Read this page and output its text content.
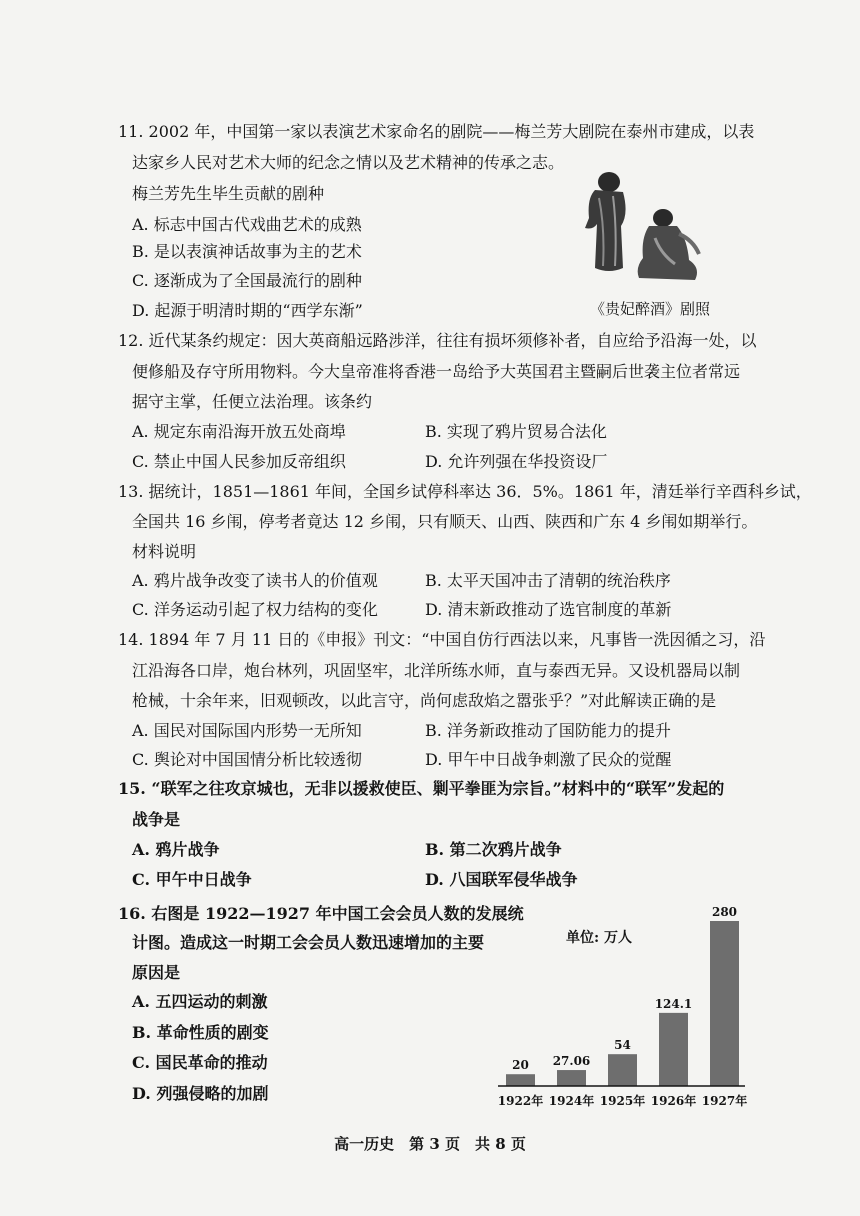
11. 2002 年，中国第一家以表演艺术家命名的剧院——梅兰芳大剧院在泰州市建成，以表
达家乡人民对艺术大师的纪念之情以及艺术精神的传承之志。
梅兰芳先生毕生贡献的剧种
A. 标志中国古代戏曲艺术的成熟
B. 是以表演神话故事为主的艺术
C. 逐渐成为了全国最流行的剧种
D. 起源于明清时期的“西学东渐”	《贵妃醉酒》剧照
12. 近代某条约规定：因大英商船远路涉洋，往往有损坏须修补者，自应给予沿海一处，以
便修船及存守所用物料。今大皇帝准将香港一岛给予大英国君主暨嗣后世袭主位者常远
据守主掌，任便立法治理。该条约
A. 规定东南沿海开放五处商埠	B. 实现了鸦片贸易合法化
C. 禁止中国人民参加反帝组织	D. 允许列强在华投资设厂
13. 据统计，1851—1861 年间，全国乡试停科率达 36．5%。1861 年，清廷举行辛酉科乡试，
全国共 16 乡闱，停考者竟达 12 乡闱，只有顺天、山西、陕西和广东 4 乡闱如期举行。
材料说明
A. 鸦片战争改变了读书人的价值观	B. 太平天国冲击了清朝的统治秩序
C. 洋务运动引起了权力结构的变化	D. 清末新政推动了选官制度的革新
14. 1894 年 7 月 11 日的《申报》刊文：“中国自仿行西法以来，凡事皆一洗因循之习，沿
江沿海各口岸，炮台林列，巩固坚牢，北洋所练水师，直与泰西无异。又设机器局以制
枪械，十余年来，旧观顿改，以此言守，尚何虑敌焰之嚣张乎？”对此解读正确的是
A. 国民对国际国内形势一无所知	B. 洋务新政推动了国防能力的提升
C. 舆论对中国国情分析比较透彻	D. 甲午中日战争刺激了民众的觉醒
15. “联军之往攻京城也，无非以援救使臣、剿平拳匪为宗旨。”材料中的“联军”发起的
战争是
A. 鸦片战争	B. 第二次鸦片战争
C. 甲午中日战争	D. 八国联军侵华战争
16. 右图是 1922—1927 年中国工会会员人数的发展统
计图。造成这一时期工会会员人数迅速增加的主要
原因是
A. 五四运动的刺激
B. 革命性质的剧变
C. 国民革命的推动
D. 列强侵略的加剧
单位: 万人
20
1922年
27.06
1924年
54
1925年
124.1
1926年
280
1927年
高一历史　第 3 页　共 8 页
